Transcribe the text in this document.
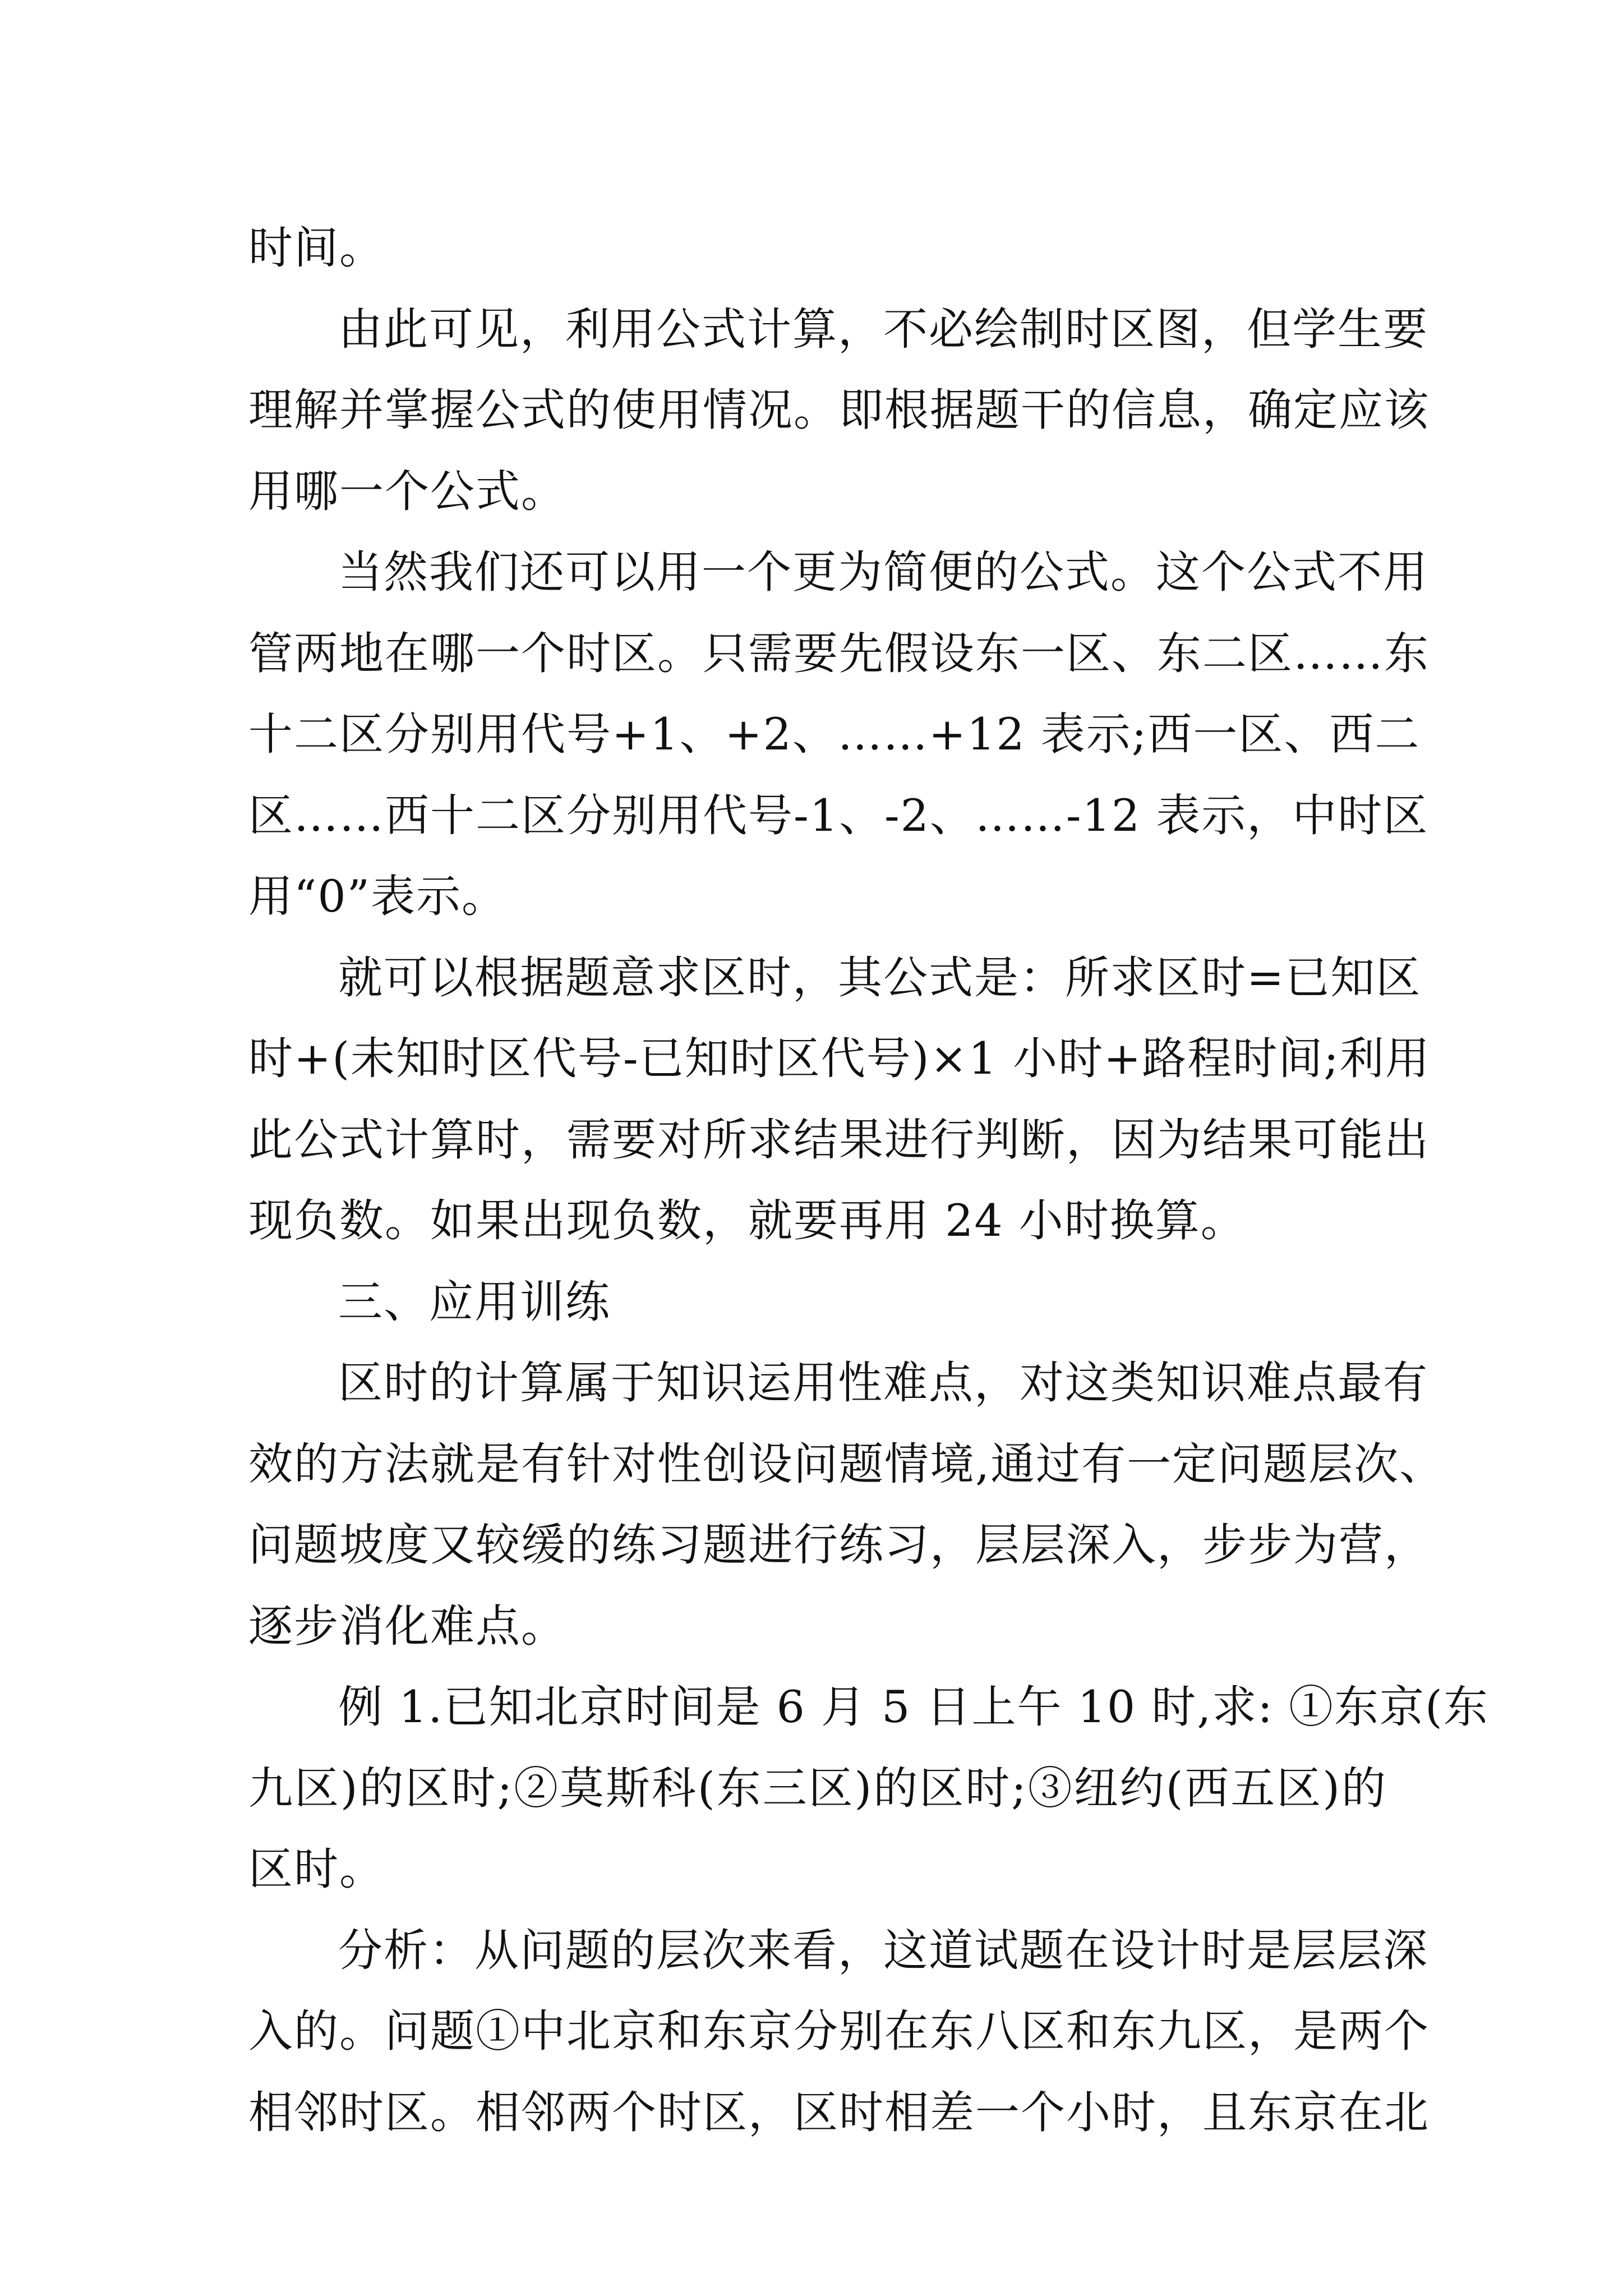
时间。
由此可见，利用公式计算，不必绘制时区图，但学生要
理解并掌握公式的使用情况。即根据题干的信息，确定应该
用哪一个公式。
当然我们还可以用一个更为简便的公式。这个公式不用
管两地在哪一个时区。只需要先假设东一区、东二区……东
十二区分别用代号+1、+2、……+12 表示;西一区、西二
区……西十二区分别用代号-1、-2、……-12 表示，中时区
用“0”表示。
就可以根据题意求区时，其公式是：所求区时=已知区
时+(未知时区代号-已知时区代号)×1 小时+路程时间;利用
此公式计算时，需要对所求结果进行判断，因为结果可能出
现负数。如果出现负数，就要再用 24 小时换算。
三、应用训练
区时的计算属于知识运用性难点，对这类知识难点最有
效的方法就是有针对性创设问题情境,通过有一定问题层次、
问题坡度又较缓的练习题进行练习，层层深入，步步为营，
逐步消化难点。
例 1.已知北京时间是 6 月 5 日上午 10 时,求: ①东京(东
九区)的区时;②莫斯科(东三区)的区时;③纽约(西五区)的
区时。
分析：从问题的层次来看，这道试题在设计时是层层深
入的。问题①中北京和东京分别在东八区和东九区，是两个
相邻时区。相邻两个时区，区时相差一个小时，且东京在北
